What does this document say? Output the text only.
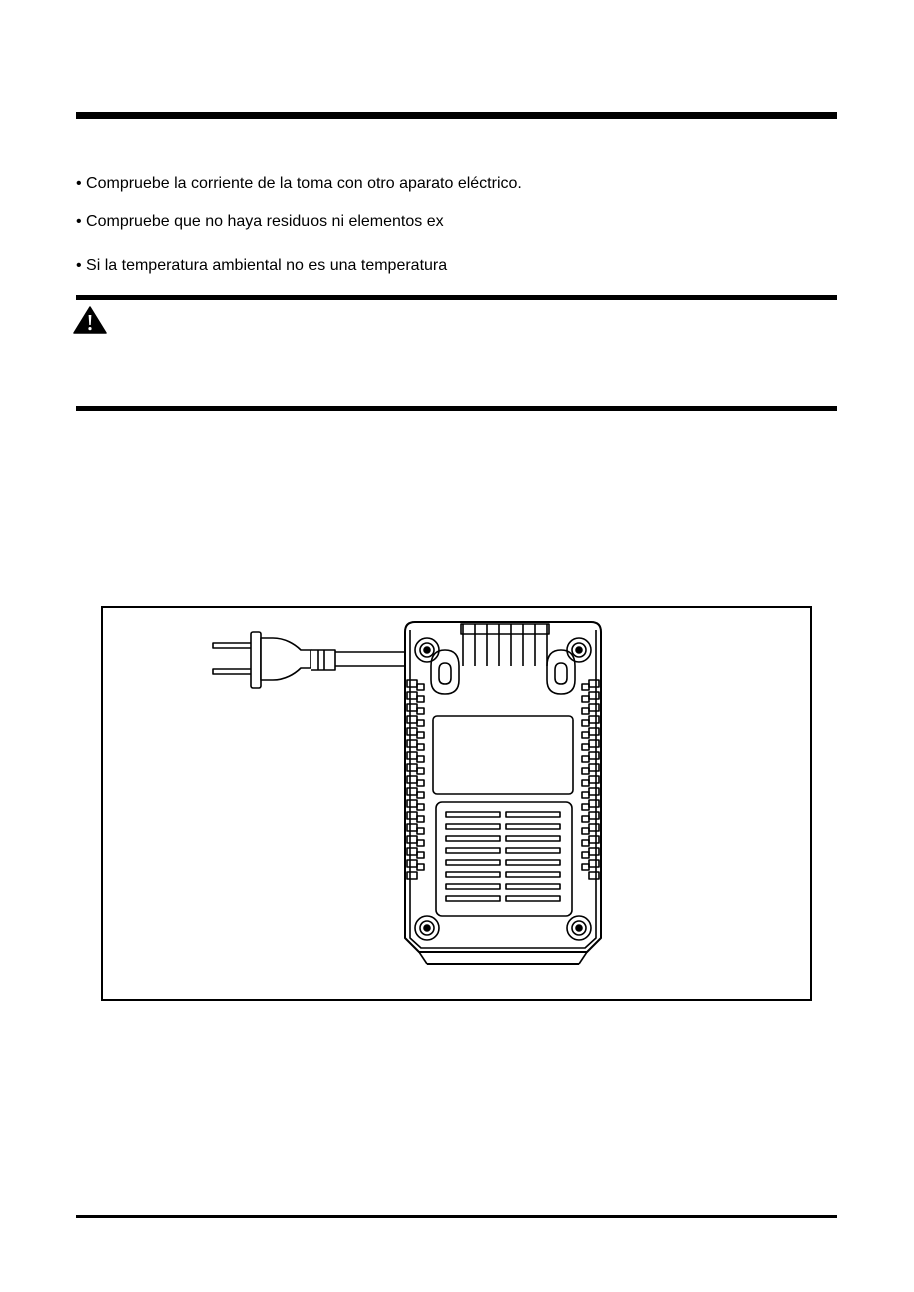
• Compruebe la corriente de la toma con otro aparato eléctrico.
• Compruebe que no haya residuos ni elementos ex
• Si la temperatura ambiental no es una temperatura
